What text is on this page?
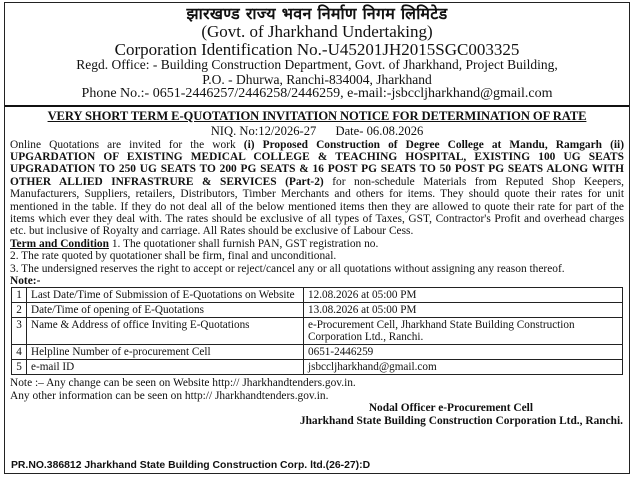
झारखण्ड राज्य भवन निर्माण निगम लिमिटेड
(Govt. of Jharkhand Undertaking)
Corporation Identification No.-U45201JH2015SGC003325
Regd. Office: - Building Construction Department, Govt. of Jharkhand, Project Building,
P.O. - Dhurwa, Ranchi-834004, Jharkhand
Phone No.:- 0651-2446257/2446258/2446259, e-mail:-jsbccljharkhand@gmail.com
VERY SHORT TERM E-QUOTATION INVITATION NOTICE FOR DETERMINATION OF RATE
NIQ. No:12/2026-27 Date- 06.08.2026
Online Quotations are invited for the work (i) Proposed Construction of Degree College at Mandu, Ramgarh (ii) UPGARDATION OF EXISTING MEDICAL COLLEGE & TEACHING HOSPITAL, EXISTING 100 UG SEATS UPGRADATION TO 250 UG SEATS TO 200 PG SEATS & 16 POST PG SEATS TO 50 POST PG SEATS ALONG WITH OTHER ALLIED INFRASTRURE & SERVICES (Part-2) for non-schedule Materials from Reputed Shop Keepers, Manufacturers, Suppliers, retailers, Distributors, Timber Merchants and others for items. They should quote their rates for unit mentioned in the table. If they do not deal all of the below mentioned items then they are allowed to quote their rate for part of the items which ever they deal with. The rates should be exclusive of all types of Taxes, GST, Contractor's Profit and overhead charges etc. but inclusive of Royalty and carriage. All Rates should be exclusive of Labour Cess.
Term and Condition 1. The quotationer shall furnish PAN, GST registration no.
2. The rate quoted by quotationer shall be firm, final and unconditional.
3. The undersigned reserves the right to accept or reject/cancel any or all quotations without assigning any reason thereof.
Note:-
1	Last Date/Time of Submission of E-Quotations on Website	12.08.2026 at 05:00 PM
2	Date/Time of opening of E-Quotations	13.08.2026 at 05:00 PM
3	Name & Address of office Inviting E-Quotations	e-Procurement Cell, Jharkhand State Building Construction Corporation Ltd., Ranchi.
4	Helpline Number of e-procurement Cell	0651-2446259
5	e-mail ID	jsbccljharkhand@gmail.com
Note :– Any change can be seen on Website http:// Jharkhandtenders.gov.in.
Any other information can be seen on http:// Jharkhandtenders.gov.in.
Nodal Officer e-Procurement Cell
Jharkhand State Building Construction Corporation Ltd., Ranchi.
PR.NO.386812 Jharkhand State Building Construction Corp. ltd.(26-27):D
